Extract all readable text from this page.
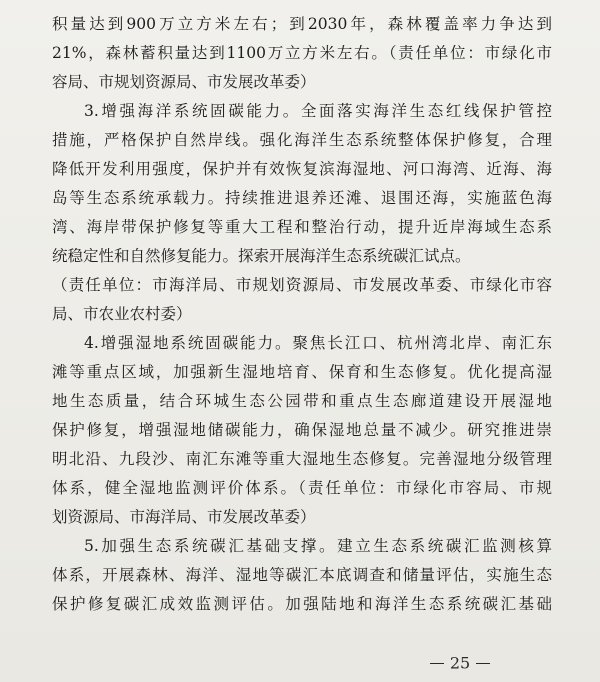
积量达到900万立方米左右；到2030年，森林覆盖率力争达到
21%，森林蓄积量达到1100万立方米左右。（责任单位：市绿化市
容局、市规划资源局、市发展改革委）
3.增强海洋系统固碳能力。全面落实海洋生态红线保护管控
措施，严格保护自然岸线。强化海洋生态系统整体保护修复，合理
降低开发利用强度，保护并有效恢复滨海湿地、河口海湾、近海、海
岛等生态系统承载力。持续推进退养还滩、退围还海，实施蓝色海
湾、海岸带保护修复等重大工程和整治行动，提升近岸海域生态系
统稳定性和自然修复能力。探索开展海洋生态系统碳汇试点。
（责任单位：市海洋局、市规划资源局、市发展改革委、市绿化市容
局、市农业农村委）
4.增强湿地系统固碳能力。聚焦长江口、杭州湾北岸、南汇东
滩等重点区域，加强新生湿地培育、保育和生态修复。优化提高湿
地生态质量，结合环城生态公园带和重点生态廊道建设开展湿地
保护修复，增强湿地储碳能力，确保湿地总量不减少。研究推进崇
明北沿、九段沙、南汇东滩等重大湿地生态修复。完善湿地分级管理
体系，健全湿地监测评价体系。（责任单位：市绿化市容局、市规
划资源局、市海洋局、市发展改革委）
5.加强生态系统碳汇基础支撑。建立生态系统碳汇监测核算
体系，开展森林、海洋、湿地等碳汇本底调查和储量评估，实施生态
保护修复碳汇成效监测评估。加强陆地和海洋生态系统碳汇基础
25
